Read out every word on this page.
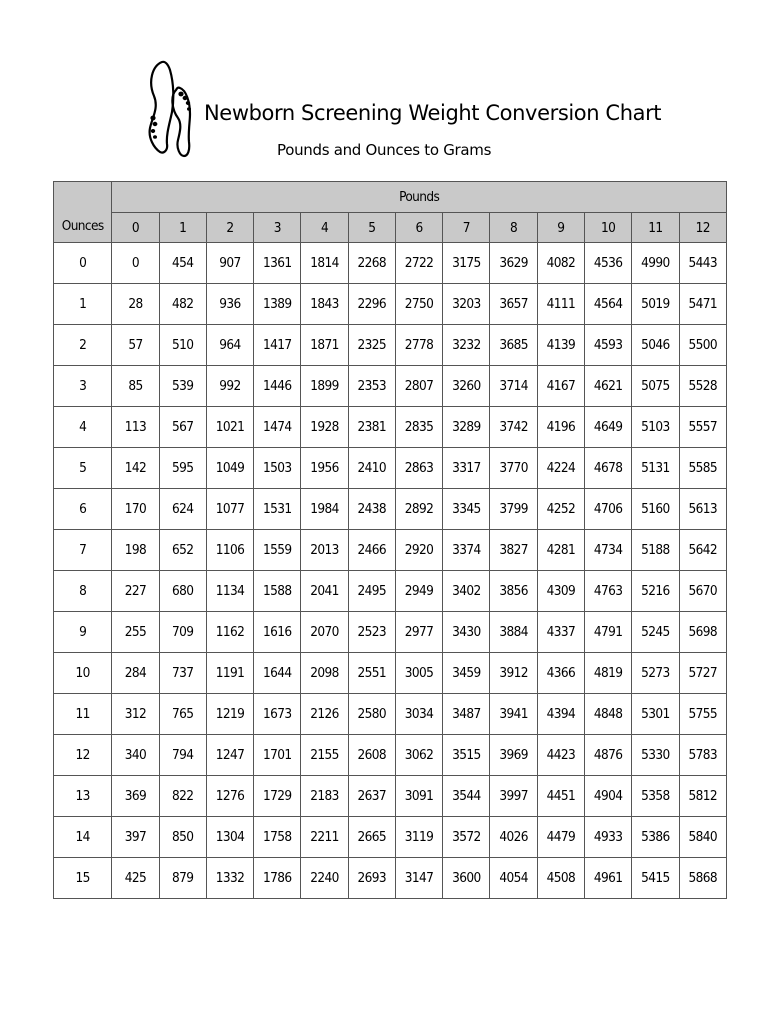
Newborn Screening Weight Conversion Chart
Pounds and Ounces to Grams
Ounces	Pounds												
	0	1	2	3	4	5	6	7	8	9	10	11	12
0	0	454	907	1361	1814	2268	2722	3175	3629	4082	4536	4990	5443
1	28	482	936	1389	1843	2296	2750	3203	3657	4111	4564	5019	5471
2	57	510	964	1417	1871	2325	2778	3232	3685	4139	4593	5046	5500
3	85	539	992	1446	1899	2353	2807	3260	3714	4167	4621	5075	5528
4	113	567	1021	1474	1928	2381	2835	3289	3742	4196	4649	5103	5557
5	142	595	1049	1503	1956	2410	2863	3317	3770	4224	4678	5131	5585
6	170	624	1077	1531	1984	2438	2892	3345	3799	4252	4706	5160	5613
7	198	652	1106	1559	2013	2466	2920	3374	3827	4281	4734	5188	5642
8	227	680	1134	1588	2041	2495	2949	3402	3856	4309	4763	5216	5670
9	255	709	1162	1616	2070	2523	2977	3430	3884	4337	4791	5245	5698
10	284	737	1191	1644	2098	2551	3005	3459	3912	4366	4819	5273	5727
11	312	765	1219	1673	2126	2580	3034	3487	3941	4394	4848	5301	5755
12	340	794	1247	1701	2155	2608	3062	3515	3969	4423	4876	5330	5783
13	369	822	1276	1729	2183	2637	3091	3544	3997	4451	4904	5358	5812
14	397	850	1304	1758	2211	2665	3119	3572	4026	4479	4933	5386	5840
15	425	879	1332	1786	2240	2693	3147	3600	4054	4508	4961	5415	5868
